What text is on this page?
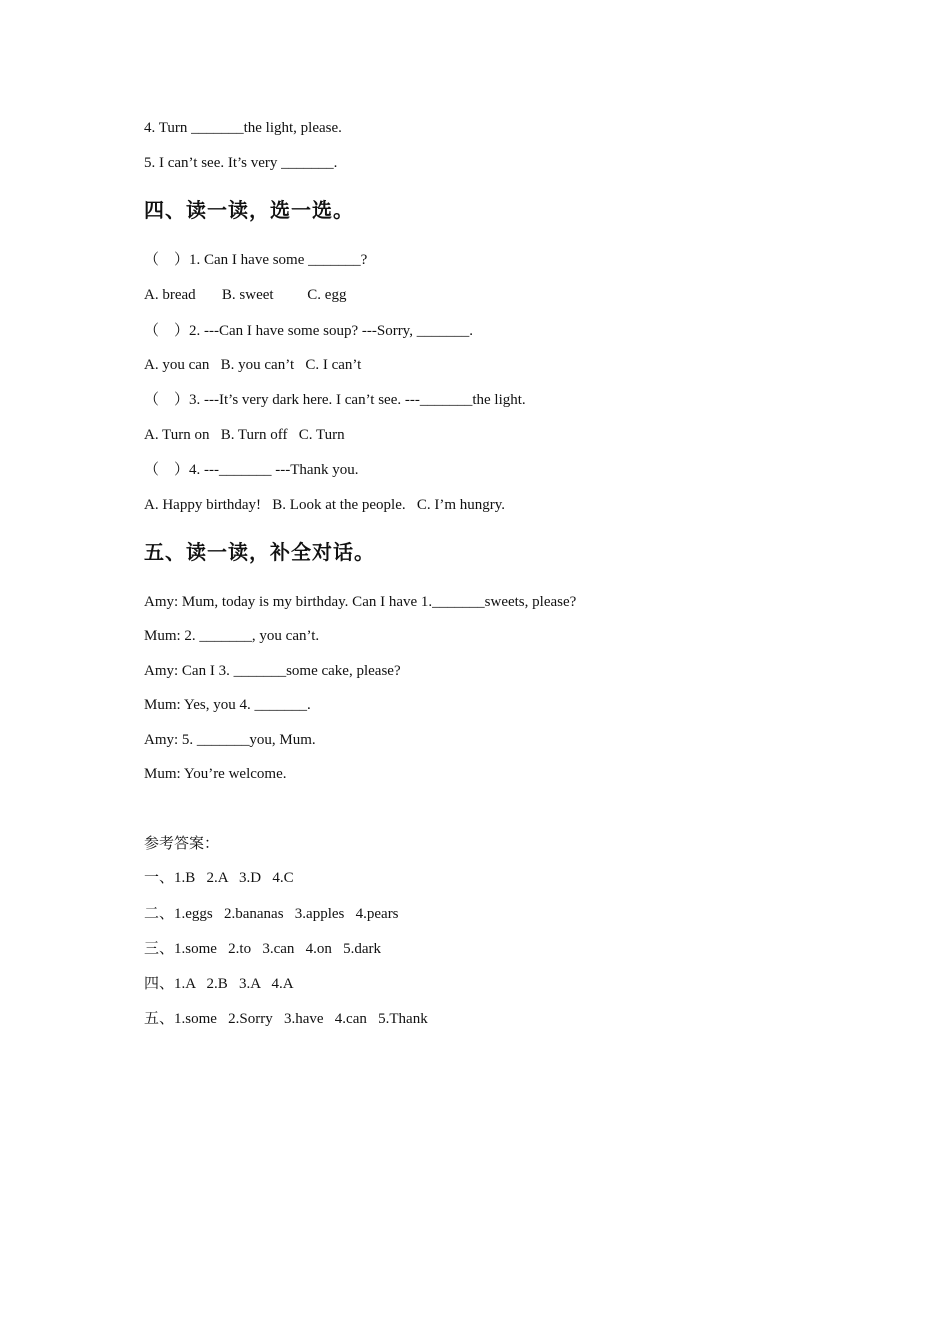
4. Turn _______the light, please.
5. I can’t see. It’s very _______.
四、读一读，选一选。
（    ）1. Can I have some _______?
A. bread       B. sweet         C. egg
（    ）2. ---Can I have some soup? ---Sorry, _______.
A. you can   B. you can’t   C. I can’t
（    ）3. ---It’s very dark here. I can’t see. ---_______the light.
A. Turn on   B. Turn off   C. Turn
（    ）4. ---_______ ---Thank you.
A. Happy birthday!   B. Look at the people.   C. I’m hungry.
五、读一读，补全对话。
Amy: Mum, today is my birthday. Can I have 1._______sweets, please?
Mum: 2. _______, you can’t.
Amy: Can I 3. _______some cake, please?
Mum: Yes, you 4. _______.
Amy: 5. _______you, Mum.
Mum: You’re welcome.
参考答案：
一、1.B   2.A   3.D   4.C
二、1.eggs   2.bananas   3.apples   4.pears
三、1.some   2.to   3.can   4.on   5.dark
四、1.A   2.B   3.A   4.A
五、1.some   2.Sorry   3.have   4.can   5.Thank
